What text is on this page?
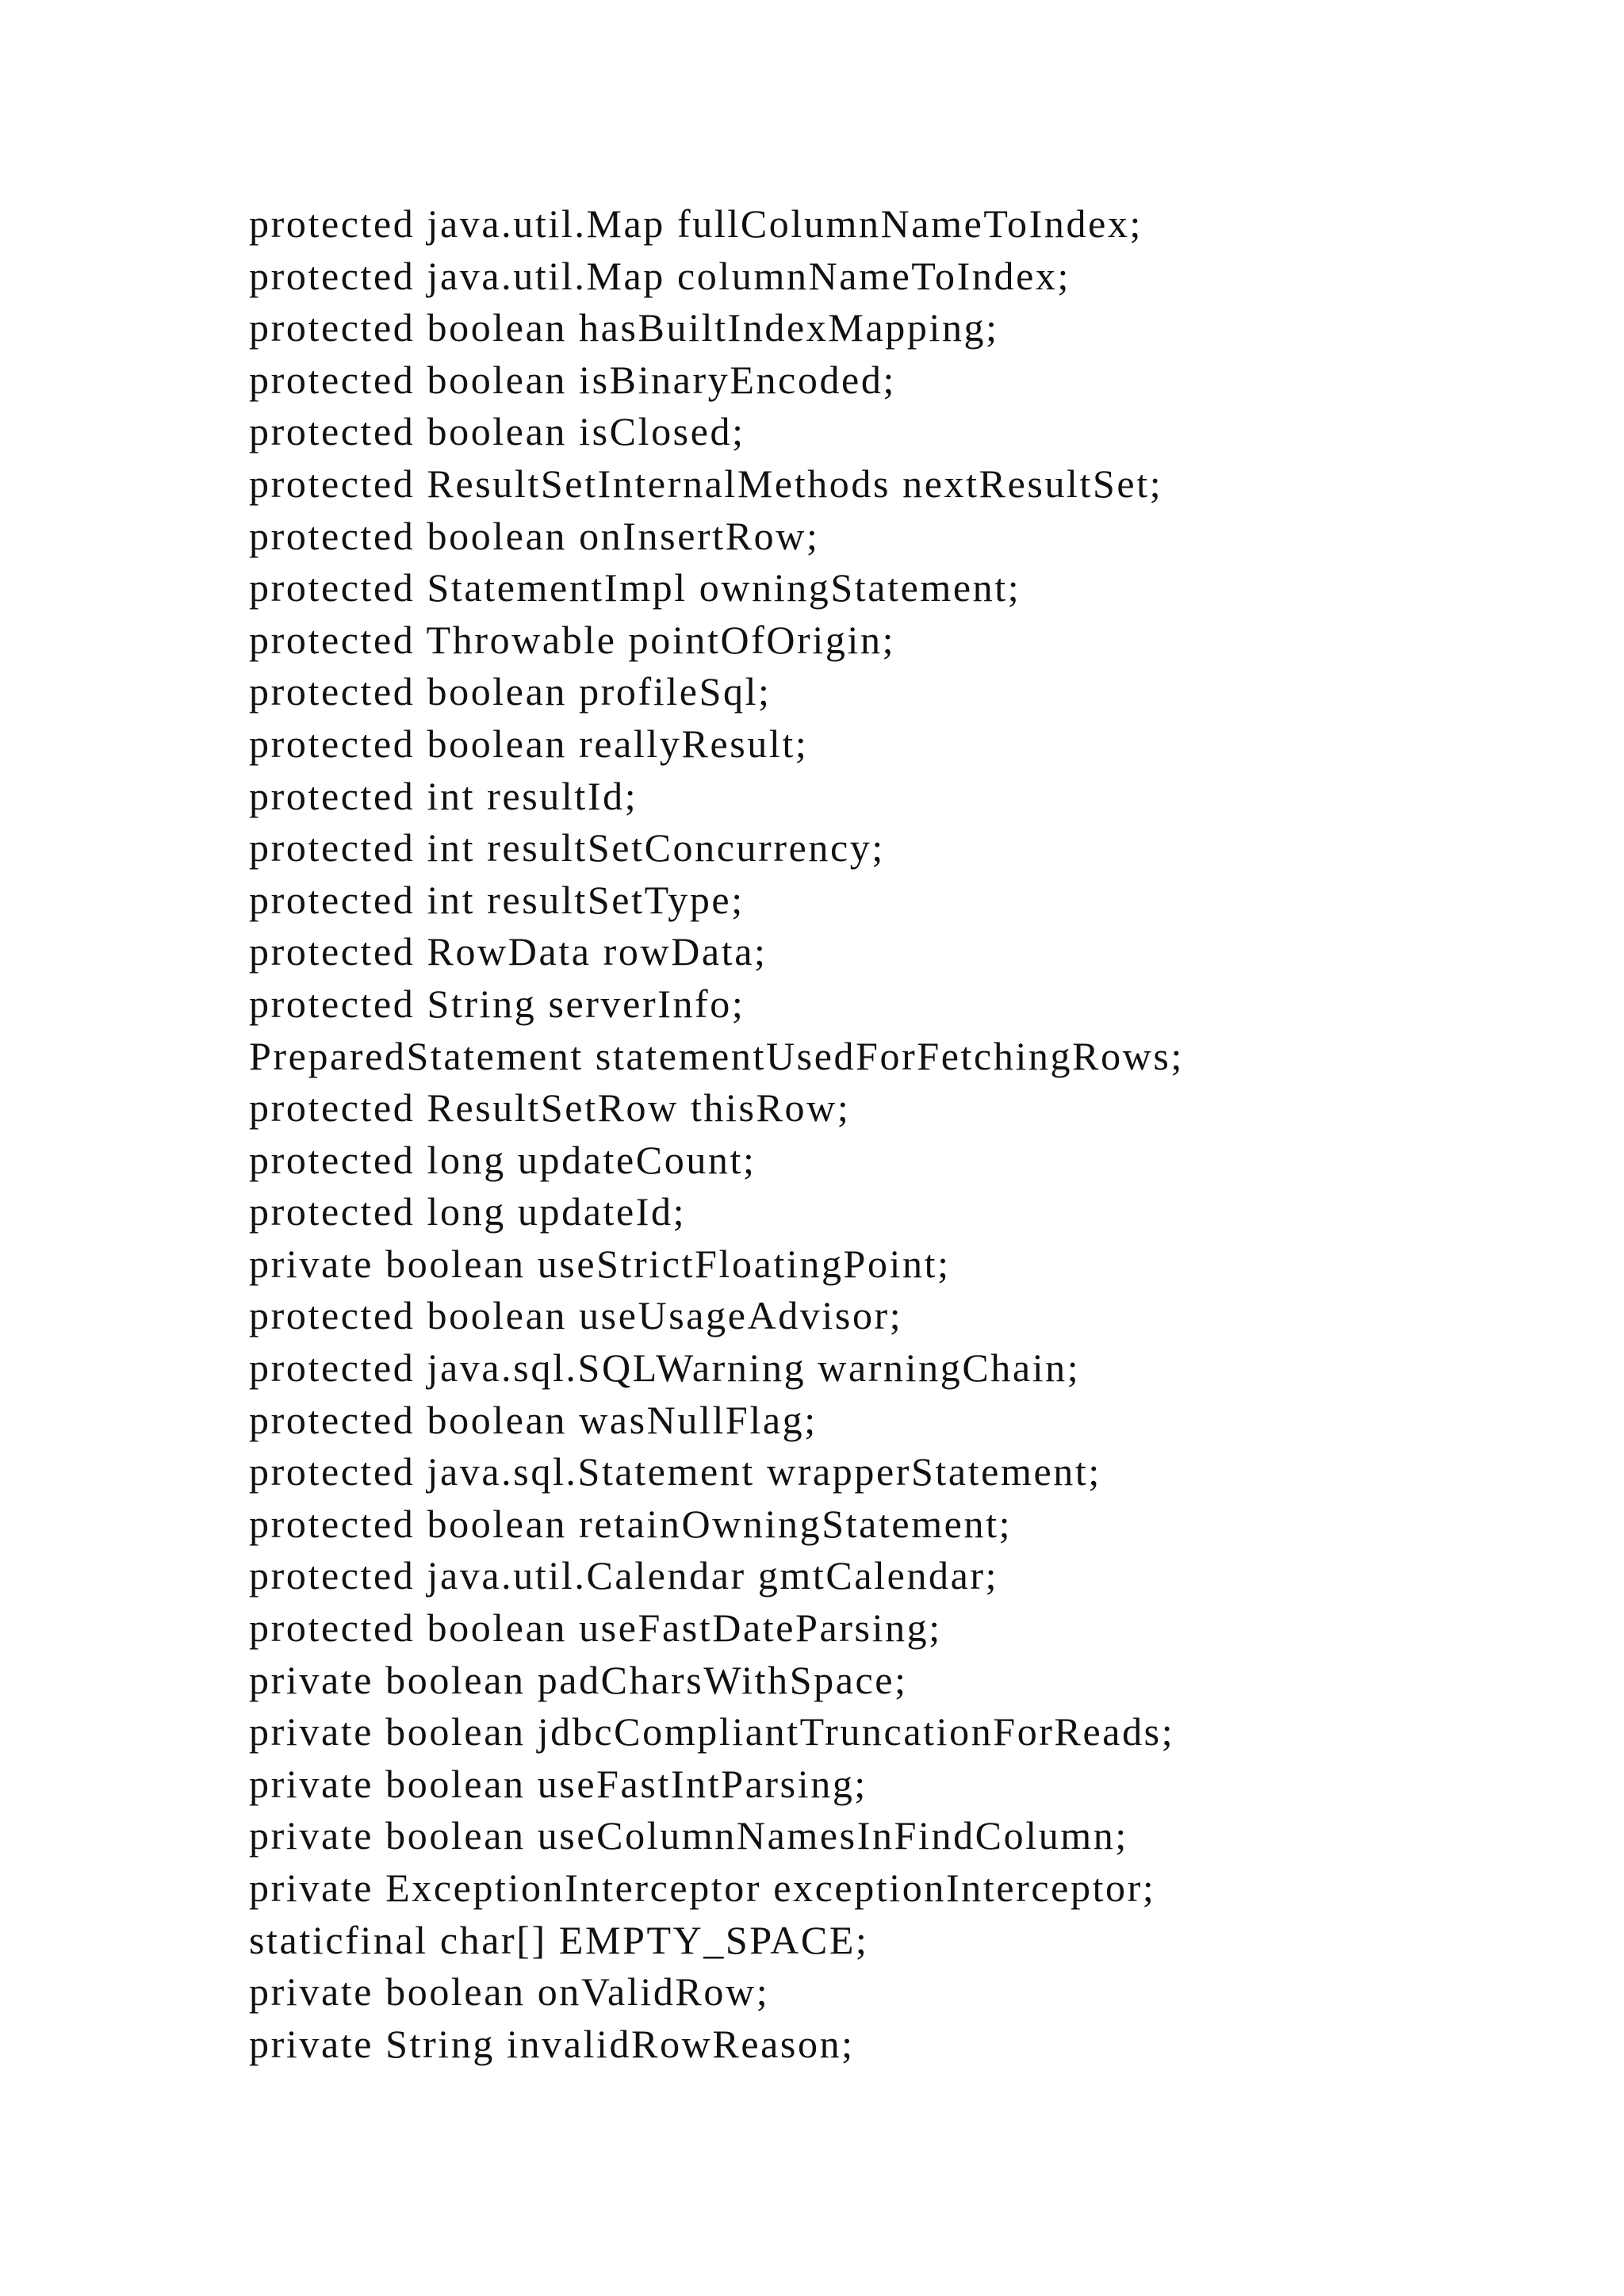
protected java.util.Map fullColumnNameToIndex;

protected java.util.Map columnNameToIndex;

protected boolean hasBuiltIndexMapping;

protected boolean isBinaryEncoded;

protected boolean isClosed;

protected ResultSetInternalMethods nextResultSet;

protected boolean onInsertRow;

protected StatementImpl owningStatement;

protected Throwable pointOfOrigin;

protected boolean profileSql;

protected boolean reallyResult;

protected int resultId;

protected int resultSetConcurrency;

protected int resultSetType;

protected RowData rowData;

protected String serverInfo;

PreparedStatement statementUsedForFetchingRows;

protected ResultSetRow thisRow;

protected long updateCount;

protected long updateId;

private boolean useStrictFloatingPoint;

protected boolean useUsageAdvisor;

protected java.sql.SQLWarning warningChain;

protected boolean wasNullFlag;

protected java.sql.Statement wrapperStatement;

protected boolean retainOwningStatement;

protected java.util.Calendar gmtCalendar;

protected boolean useFastDateParsing;

private boolean padCharsWithSpace;

private boolean jdbcCompliantTruncationForReads;

private boolean useFastIntParsing;

private boolean useColumnNamesInFindColumn;

private ExceptionInterceptor exceptionInterceptor;

staticfinal char[] EMPTY_SPACE;

private boolean onValidRow;

private String invalidRowReason;
